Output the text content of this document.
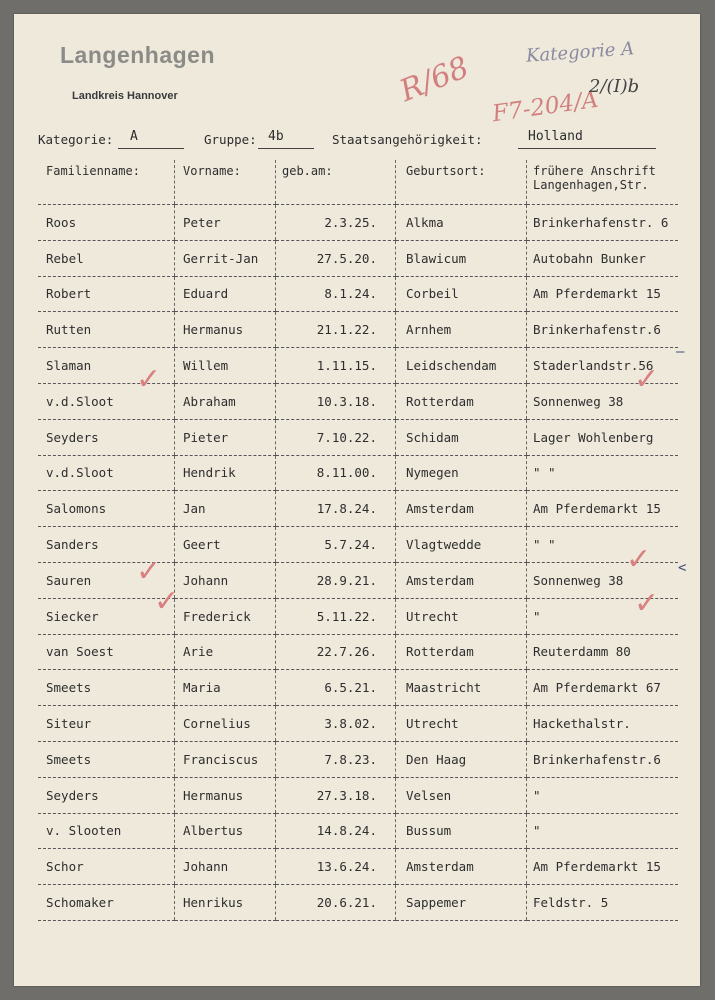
Langenhagen
Landkreis Hannover	R/68 F7-204/A
Kategorie A
2/(I)b
Kategorie: A	Gruppe: 4b	Staatsangehörigkeit:	Holland
Familienname:	Vorname:	geb.am:	Geburtsort:	frühere Anschrift
Langenhagen,Str.

Roos	Peter	2.3.25.	Alkma	Brinkerhafenstr. 6
Rebel	Gerrit-Jan	27.5.20.	Blawicum	Autobahn Bunker
Robert	Eduard	8.1.24.	Corbeil	Am Pferdemarkt 15
Rutten	Hermanus	21.1.22.	Arnhem	Brinkerhafenstr.6
Slaman	Willem	1.11.15.	Leidschendam	Staderlandstr.56
v.d.Sloot	Abraham	10.3.18.	Rotterdam	Sonnenweg 38
Seyders	Pieter	7.10.22.	Schidam	Lager Wohlenberg
v.d.Sloot	Hendrik	8.11.00.	Nymegen	" "
Salomons	Jan	17.8.24.	Amsterdam	Am Pferdemarkt 15
Sanders	Geert	5.7.24.	Vlagtwedde	" "
Sauren	Johann	28.9.21.	Amsterdam	Sonnenweg 38
Siecker	Frederick	5.11.22.	Utrecht	"
van Soest	Arie	22.7.26.	Rotterdam	Reuterdamm 80
Smeets	Maria	6.5.21.	Maastricht	Am Pferdemarkt 67
Siteur	Cornelius	3.8.02.	Utrecht	Hackethalstr.
Smeets	Franciscus	7.8.23.	Den Haag	Brinkerhafenstr.6
Seyders	Hermanus	27.3.18.	Velsen	"
v. Slooten	Albertus	14.8.24.	Bussum	"
Schor	Johann	13.6.24.	Amsterdam	Am Pferdemarkt 15
Schomaker	Henrikus	20.6.21.	Sappemer	Feldstr. 5
✓	✓
✓
✓
✓
✓
<
—
